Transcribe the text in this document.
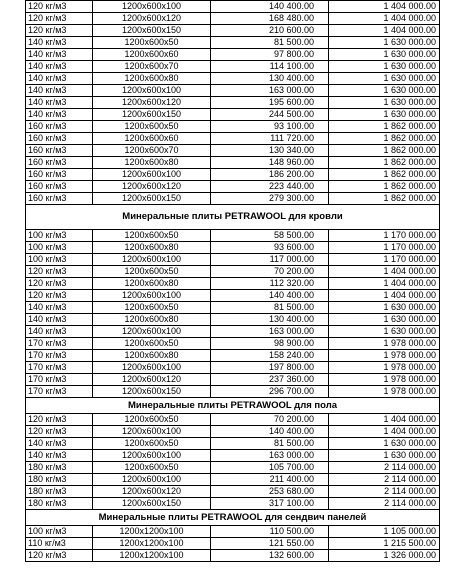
120 кг/м3	1200х600х100	140 400.00	1 404 000.00
120 кг/м3	1200х600х120	168 480.00	1 404 000.00
120 кг/м3	1200х600х150	210 600.00	1 404 000.00
140 кг/м3	1200х600х50	81 500.00	1 630 000.00
140 кг/м3	1200х600х60	97 800.00	1 630 000.00
140 кг/м3	1200х600х70	114 100.00	1 630 000.00
140 кг/м3	1200х600х80	130 400.00	1 630 000.00
140 кг/м3	1200х600х100	163 000.00	1 630 000.00
140 кг/м3	1200х600х120	195 600.00	1 630 000.00
140 кг/м3	1200х600х150	244 500.00	1 630 000.00
160 кг/м3	1200х600х50	93 100.00	1 862 000.00
160 кг/м3	1200х600х60	111 720.00	1 862 000.00
160 кг/м3	1200х600х70	130 340.00	1 862 000.00
160 кг/м3	1200х600х80	148 960.00	1 862 000.00
160 кг/м3	1200х600х100	186 200.00	1 862 000.00
160 кг/м3	1200х600х120	223 440.00	1 862 000.00
160 кг/м3	1200х600х150	279 300.00	1 862 000.00
Минеральные плиты PETRAWOOL для кровли			
100 кг/м3	1200х600х50	58 500.00	1 170 000.00
100 кг/м3	1200х600х80	93 600.00	1 170 000.00
100 кг/м3	1200х600х100	117 000.00	1 170 000.00
120 кг/м3	1200х600х50	70 200.00	1 404 000.00
120 кг/м3	1200х600х80	112 320.00	1 404 000.00
120 кг/м3	1200х600х100	140 400.00	1 404 000.00
140 кг/м3	1200х600х50	81 500.00	1 630 000.00
140 кг/м3	1200х600х80	130 400.00	1 630 000.00
140 кг/м3	1200х600х100	163 000.00	1 630 000.00
170 кг/м3	1200х600х50	98 900.00	1 978 000.00
170 кг/м3	1200х600х80	158 240.00	1 978 000.00
170 кг/м3	1200х600х100	197 800.00	1 978 000.00
170 кг/м3	1200х600х120	237 360.00	1 978 000.00
170 кг/м3	1200х600х150	296 700.00	1 978 000.00
Минеральные плиты PETRAWOOL для пола			
120 кг/м3	1200х600х50	70 200.00	1 404 000.00
120 кг/м3	1200х600х100	140 400.00	1 404 000.00
140 кг/м3	1200х600х50	81 500.00	1 630 000.00
140 кг/м3	1200х600х100	163 000.00	1 630 000.00
180 кг/м3	1200х600х50	105 700.00	2 114 000.00
180 кг/м3	1200х600х100	211 400.00	2 114 000.00
180 кг/м3	1200х600х120	253 680.00	2 114 000.00
180 кг/м3	1200х600х150	317 100.00	2 114 000.00
Минеральные плиты PETRAWOOL для сендвич панелей			
100 кг/м3	1200х1200х100	110 500.00	1 105 000.00
110 кг/м3	1200х1200х100	121 550.00	1 215 500.00
120 кг/м3	1200х1200х100	132 600.00	1 326 000.00
